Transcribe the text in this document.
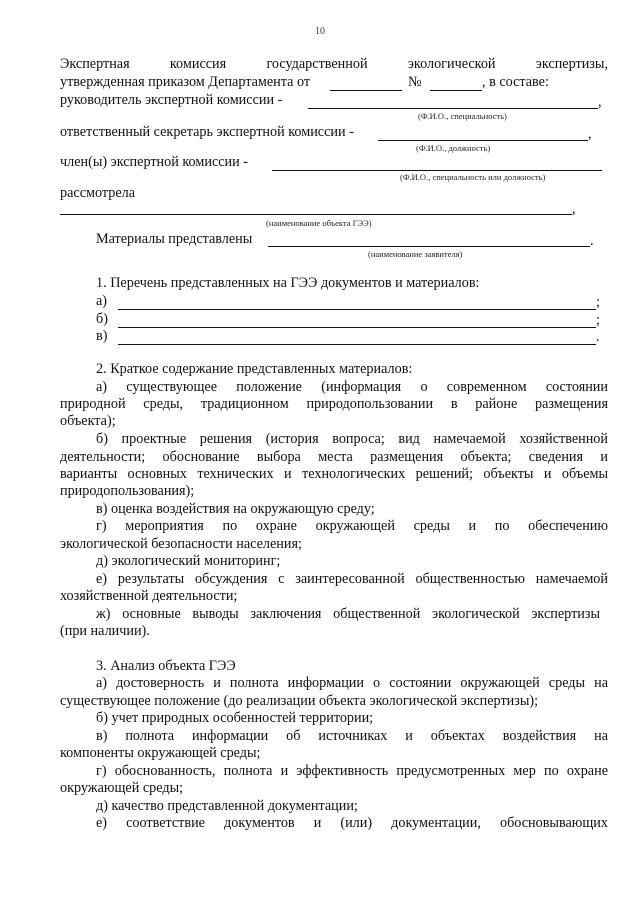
10
Экспертная комиссия государственной экологической экспертизы,
утвержденная приказом Департамента от	№	, в составе:
руководитель экспертной комиссии -	,
(Ф.И.О., специальность)
ответственный секретарь экспертной комиссии -	,
(Ф.И.О., должность)
член(ы) экспертной комиссии -
(Ф.И.О., специальность или должность)
рассмотрела
,
(наименование объекта ГЭЭ)
Материалы представлены	.
(наименование заявителя)
1. Перечень представленных на ГЭЭ документов и материалов:
а)	;
б)	;
в)	.
2. Краткое содержание представленных материалов:
а) существующее положение (информация о современном состоянии
природной среды, традиционном природопользовании в районе размещения
объекта);
б) проектные решения (история вопроса; вид намечаемой хозяйственной
деятельности; обоснование выбора места размещения объекта; сведения и
варианты основных технических и технологических решений; объекты и объемы
природопользования);
в) оценка воздействия на окружающую среду;
г) мероприятия по охране окружающей среды и по обеспечению
экологической безопасности населения;
д) экологический мониторинг;
е) результаты обсуждения с заинтересованной общественностью намечаемой
хозяйственной деятельности;
ж) основные выводы заключения общественной экологической экспертизы
(при наличии).
3. Анализ объекта ГЭЭ
а) достоверность и полнота информации о состоянии окружающей среды на
существующее положение (до реализации объекта экологической экспертизы);
б) учет природных особенностей территории;
в) полнота информации об источниках и объектах воздействия на
компоненты окружающей среды;
г) обоснованность, полнота и эффективность предусмотренных мер по охране
окружающей среды;
д) качество представленной документации;
е) соответствие документов и (или) документации, обосновывающих
